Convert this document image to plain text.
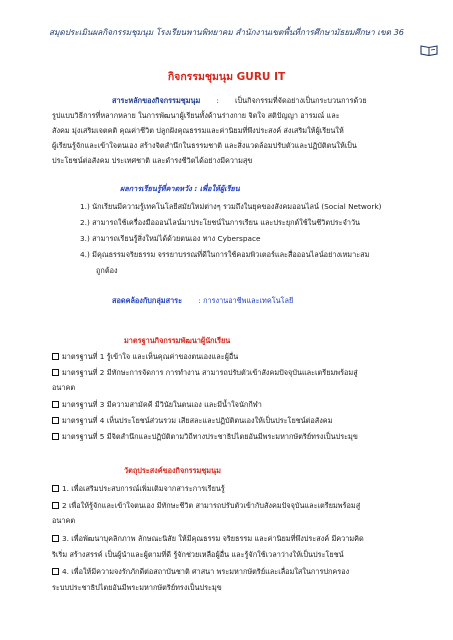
สมุดประเมินผลกิจกรรมชุมนุม โรงเรียนพานพิทยาคม สำนักงานเขตพื้นที่การศึกษามัธยมศึกษา เขต 36
กิจกรรมชุมนุม GURU IT
สาระหลักของกิจกรรมชุมนุม : เป็นกิจกรรมที่จัดอย่างเป็นกระบวนการด้วย
รูปแบบวิธีการที่หลากหลาย ในการพัฒนาผู้เรียนทั้งด้านร่างกาย จิตใจ สติปัญญา อารมณ์ และ
สังคม มุ่งเสริมเจตคติ คุณค่าชีวิต ปลูกฝังคุณธรรมและค่านิยมที่พึงประสงค์ ส่งเสริมให้ผู้เรียนให้
ผู้เรียนรู้จักและเข้าใจตนเอง สร้างจิตสำนึกในธรรมชาติ และสิ่งแวดล้อมปรับตัวและปฏิบัติตนให้เป็น
ประโยชน์ต่อสังคม ประเทศชาติ และดำรงชีวิตได้อย่างมีความสุข
ผลการเรียนรู้ที่คาดหวัง : เพื่อให้ผู้เรียน
1.) นักเรียนมีความรู้เทคโนโลยีสมัยใหม่ต่างๆ รวมถึงในยุคของสังคมออนไลน์ (Social Network)
2.) สามารถใช้เครื่องมือออนไลน์มาประโยชน์ในการเรียน และประยุกต์ใช้ในชีวิตประจำวัน
3.) สามารถเรียนรู้สิ่งใหม่ได้ด้วยตนเอง ทาง Cyberspace
4.) มีคุณธรรมจริยธรรม จรรยาบรรณที่ดีในการใช้คอมพิวเตอร์และสื่อออนไลน์อย่างเหมาะสม
ถูกต้อง
สอดคล้องกับกลุ่มสาระ : การงานอาชีพและเทคโนโลยี
มาตรฐานกิจกรรมพัฒนาผู้นักเรียน
มาตรฐานที่ 1 รู้เข้าใจ และเห็นคุณค่าของตนเองและผู้อื่น
มาตรฐานที่ 2 มีทักษะการจัดการ การทำงาน สามารถปรับตัวเข้าสังคมปัจจุบันและเตรียมพร้อมสู่
อนาคต
มาตรฐานที่ 3 มีความสามัคคี มีวินัยในตนเอง และมีน้ำใจนักกีฬา
มาตรฐานที่ 4 เห็นประโยชน์ส่วนรวม เสียสละและปฏิบัติตนเองให้เป็นประโยชน์ต่อสังคม
มาตรฐานที่ 5 มีจิตสำนึกและปฏิบัติตามวิถีทางประชาธิปไตยอันมีพระมหากษัตริย์ทรงเป็นประมุข
วัตถุประสงค์ของกิจกรรมชุมนุม
1. เพื่อเสริมประสบการณ์เพิ่มเติมจากสาระการเรียนรู้
2 เพื่อให้รู้จักและเข้าใจตนเอง มีทักษะชีวิต สามารถปรับตัวเข้ากับสังคมปัจจุบันและเตรียมพร้อมสู่
อนาคต
3. เพื่อพัฒนาบุคลิกภาพ ลักษณะนิสัย ให้มีคุณธรรม จริยธรรม และค่านิยมที่พึงประสงค์ มีความคิด
ริเริ่ม สร้างสรรค์ เป็นผู้นำและผู้ตามที่ดี รู้จักช่วยเหลือผู้อื่น และรู้จักใช้เวลาว่างให้เป็นประโยชน์
4. เพื่อให้มีความจงรักภักดีต่อสถาบันชาติ ศาสนา พระมหากษัตริย์และเลื่อมใสในการปกครอง
ระบบประชาธิปไตยอันมีพระมหากษัตริย์ทรงเป็นประมุข
